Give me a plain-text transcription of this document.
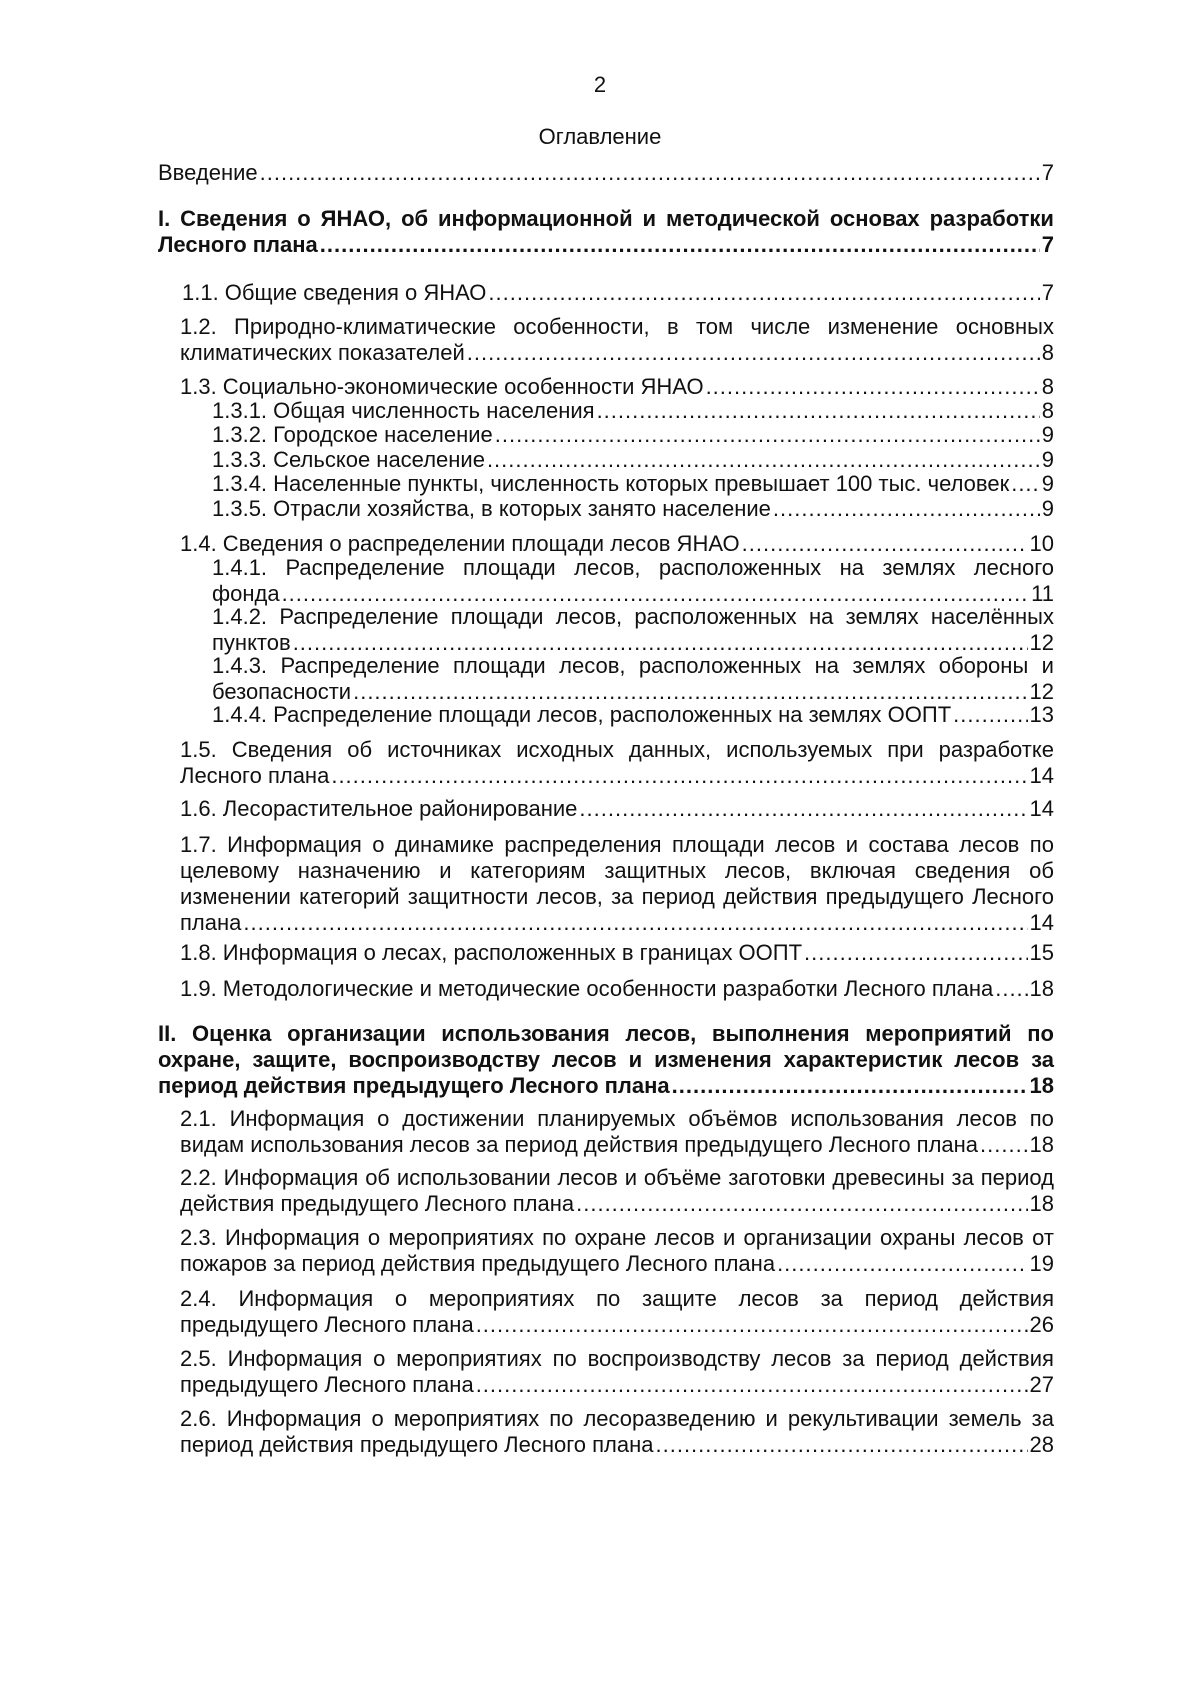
2
Оглавление
Введение .....	7
I. Сведения о ЯНАО, об информационной и методической основах разработки
Лесного плана .....	7
1.1. Общие сведения о ЯНАО .....	7
1.2. Природно-климатические особенности, в том числе изменение основных
климатических показателей .....	8
1.3. Социально-экономические особенности ЯНАО .....	8
1.3.1. Общая численность населения .....	8
1.3.2. Городское население .....	9
1.3.3. Сельское население .....	9
1.3.4. Населенные пункты, численность которых превышает 100 тыс. человек ..... 9
1.3.5. Отрасли хозяйства, в которых занято население .....	9
1.4. Сведения о распределении площади лесов ЯНАО .....	10
1.4.1. Распределение площади лесов, расположенных на землях лесного
фонда .....	11
1.4.2. Распределение площади лесов, расположенных на землях населённых
пунктов .....	12
1.4.3. Распределение площади лесов, расположенных на землях обороны и
безопасности .....	12
1.4.4. Распределение площади лесов, расположенных на землях ООПТ .....	13
1.5. Сведения об источниках исходных данных, используемых при разработке
Лесного плана .....	14
1.6. Лесорастительное районирование .....	14
1.7. Информация о динамике распределения площади лесов и состава лесов по
целевому назначению и категориям защитных лесов, включая сведения об
изменении категорий защитности лесов, за период действия предыдущего Лесного
плана .....	14
1.8. Информация о лесах, расположенных в границах ООПТ .....	15
1.9. Методологические и методические особенности разработки Лесного плана ..... 18
II. Оценка организации использования лесов, выполнения мероприятий по
охране, защите, воспроизводству лесов и изменения характеристик лесов за
период действия предыдущего Лесного плана .....	18
2.1. Информация о достижении планируемых объёмов использования лесов по
видам использования лесов за период действия предыдущего Лесного плана ..... 18
2.2. Информация об использовании лесов и объёме заготовки древесины за период
действия предыдущего Лесного плана .....	18
2.3. Информация о мероприятиях по охране лесов и организации охраны лесов от
пожаров за период действия предыдущего Лесного плана .....	19
2.4. Информация о мероприятиях по защите лесов за период действия
предыдущего Лесного плана .....	26
2.5. Информация о мероприятиях по воспроизводству лесов за период действия
предыдущего Лесного плана .....	27
2.6. Информация о мероприятиях по лесоразведению и рекультивации земель за
период действия предыдущего Лесного плана .....	28
